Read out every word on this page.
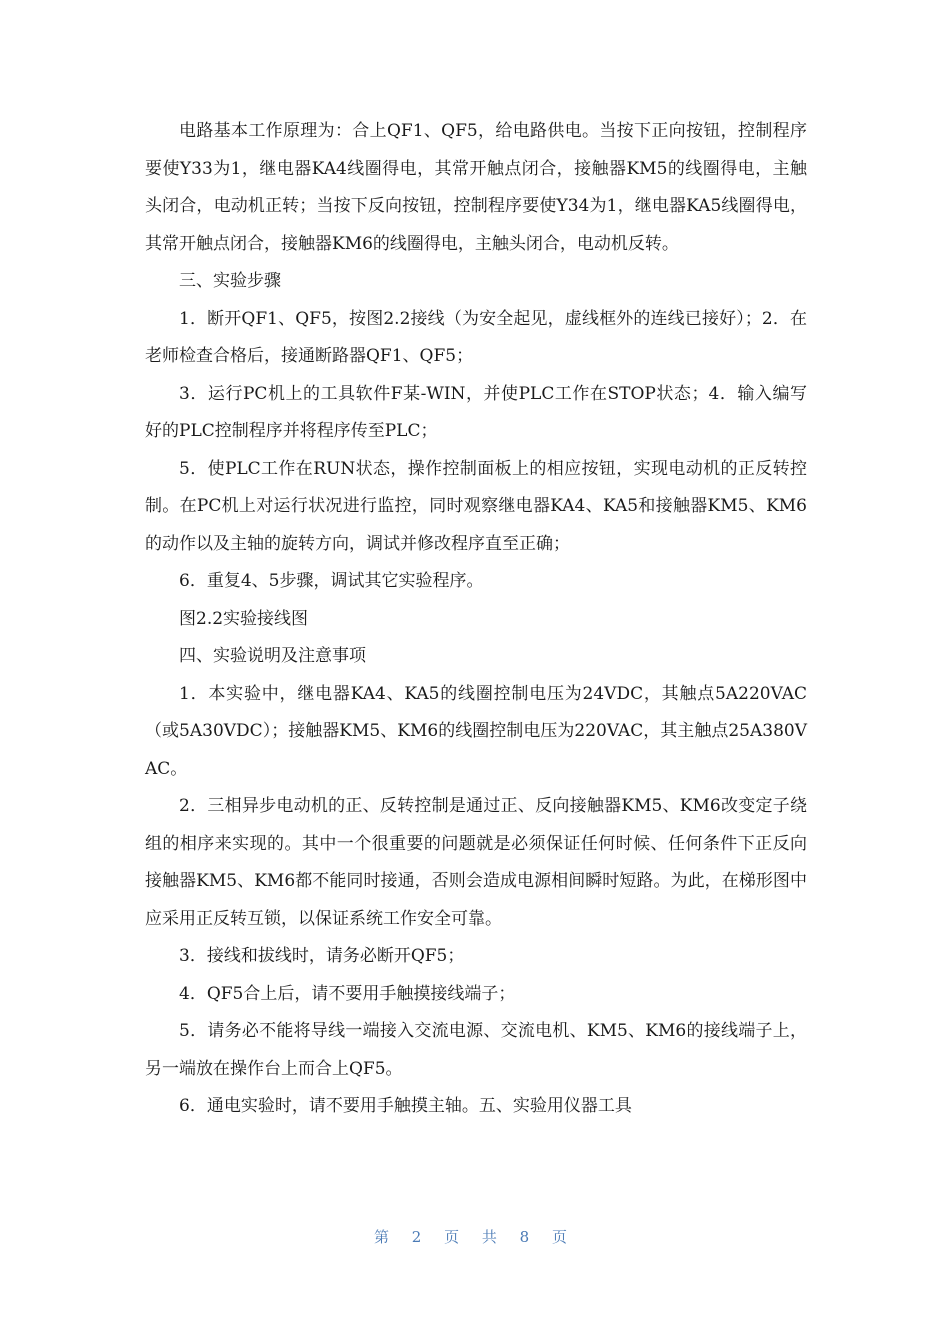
电路基本工作原理为：合上QF1、QF5，给电路供电。当按下正向按钮，控制程序要使Y33为1，继电器KA4线圈得电，其常开触点闭合，接触器KM5的线圈得电，主触头闭合，电动机正转；当按下反向按钮，控制程序要使Y34为1，继电器KA5线圈得电，其常开触点闭合，接触器KM6的线圈得电，主触头闭合，电动机反转。

三、实验步骤

1．断开QF1、QF5，按图2.2接线（为安全起见，虚线框外的连线已接好）；2．在老师检查合格后，接通断路器QF1、QF5；

3．运行PC机上的工具软件F某-WIN，并使PLC工作在STOP状态；4．输入编写好的PLC控制程序并将程序传至PLC；

5．使PLC工作在RUN状态，操作控制面板上的相应按钮，实现电动机的正反转控制。在PC机上对运行状况进行监控，同时观察继电器KA4、KA5和接触器KM5、KM6的动作以及主轴的旋转方向，调试并修改程序直至正确；

6．重复4、5步骤，调试其它实验程序。

图2.2实验接线图

四、实验说明及注意事项

1．本实验中，继电器KA4、KA5的线圈控制电压为24VDC，其触点5A220VAC（或5A30VDC）；接触器KM5、KM6的线圈控制电压为220VAC，其主触点25A380VAC。

2．三相异步电动机的正、反转控制是通过正、反向接触器KM5、KM6改变定子绕组的相序来实现的。其中一个很重要的问题就是必须保证任何时候、任何条件下正反向接触器KM5、KM6都不能同时接通，否则会造成电源相间瞬时短路。为此，在梯形图中应采用正反转互锁，以保证系统工作安全可靠。

3．接线和拔线时，请务必断开QF5；

4．QF5合上后，请不要用手触摸接线端子；

5．请务必不能将导线一端接入交流电源、交流电机、KM5、KM6的接线端子上，另一端放在操作台上而合上QF5。

6．通电实验时，请不要用手触摸主轴。五、实验用仪器工具

第 2 页 共 8 页
